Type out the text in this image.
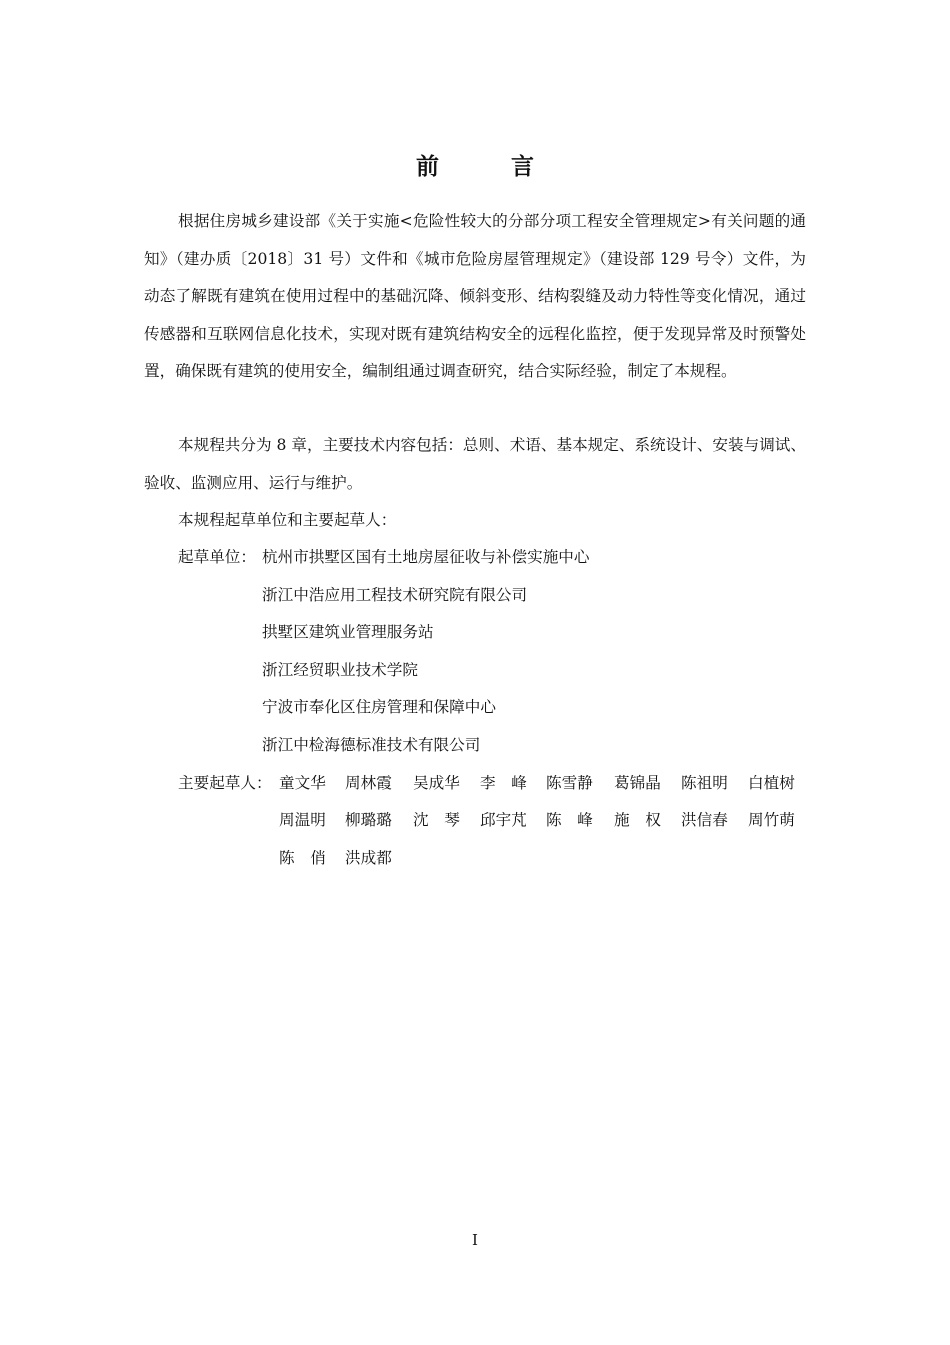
前 言

根据住房城乡建设部《关于实施<危险性较大的分部分项工程安全管理规定>有关问题的通知》（建办质〔2018〕31 号）文件和《城市危险房屋管理规定》（建设部 129 号令）文件，为动态了解既有建筑在使用过程中的基础沉降、倾斜变形、结构裂缝及动力特性等变化情况，通过传感器和互联网信息化技术，实现对既有建筑结构安全的远程化监控，便于发现异常及时预警处置，确保既有建筑的使用安全，编制组通过调查研究，结合实际经验，制定了本规程。

本规程共分为 8 章，主要技术内容包括：总则、术语、基本规定、系统设计、安装与调试、验收、监测应用、运行与维护。

本规程起草单位和主要起草人：

起草单位： 杭州市拱墅区国有土地房屋征收与补偿实施中心
浙江中浩应用工程技术研究院有限公司
拱墅区建筑业管理服务站
浙江经贸职业技术学院
宁波市奉化区住房管理和保障中心
浙江中检海德标准技术有限公司
主要起草人： 童文华 周林霞 吴成华 李　峰 陈雪静 葛锦晶 陈祖明 白植树
周温明 柳璐璐 沈　琴 邱宇芃 陈　峰 施　权 洪信春 周竹萌
陈　俏 洪成都
I
